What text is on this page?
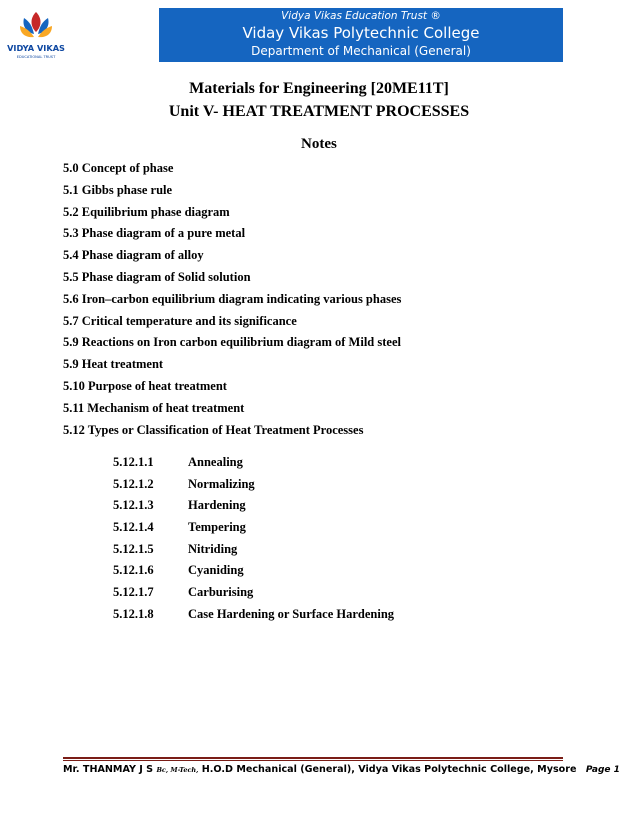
VIDYA VIKAS
EDUCATIONAL TRUST
Vidya Vikas Education Trust ®
Viday Vikas Polytechnic College
Department of Mechanical (General)
Materials for Engineering [20ME11T]
Unit V- HEAT TREATMENT PROCESSES
Notes
5.0 Concept of phase
5.1 Gibbs phase rule
5.2 Equilibrium phase diagram
5.3 Phase diagram of a pure metal
5.4 Phase diagram of alloy
5.5 Phase diagram of Solid solution
5.6 Iron–carbon equilibrium diagram indicating various phases
5.7 Critical temperature and its significance
5.9 Reactions on Iron carbon equilibrium diagram of Mild steel
5.9 Heat treatment
5.10 Purpose of heat treatment
5.11 Mechanism of heat treatment
5.12 Types or Classification of Heat Treatment Processes
5.12.1.1	Annealing
5.12.1.2	Normalizing
5.12.1.3	Hardening
5.12.1.4	Tempering
5.12.1.5	Nitriding
5.12.1.6	Cyaniding
5.12.1.7	Carburising
5.12.1.8	Case Hardening or Surface Hardening
Mr. THANMAY J S Bc, M-Tech, H.O.D Mechanical (General), Vidya Vikas Polytechnic College, Mysore Page 1
